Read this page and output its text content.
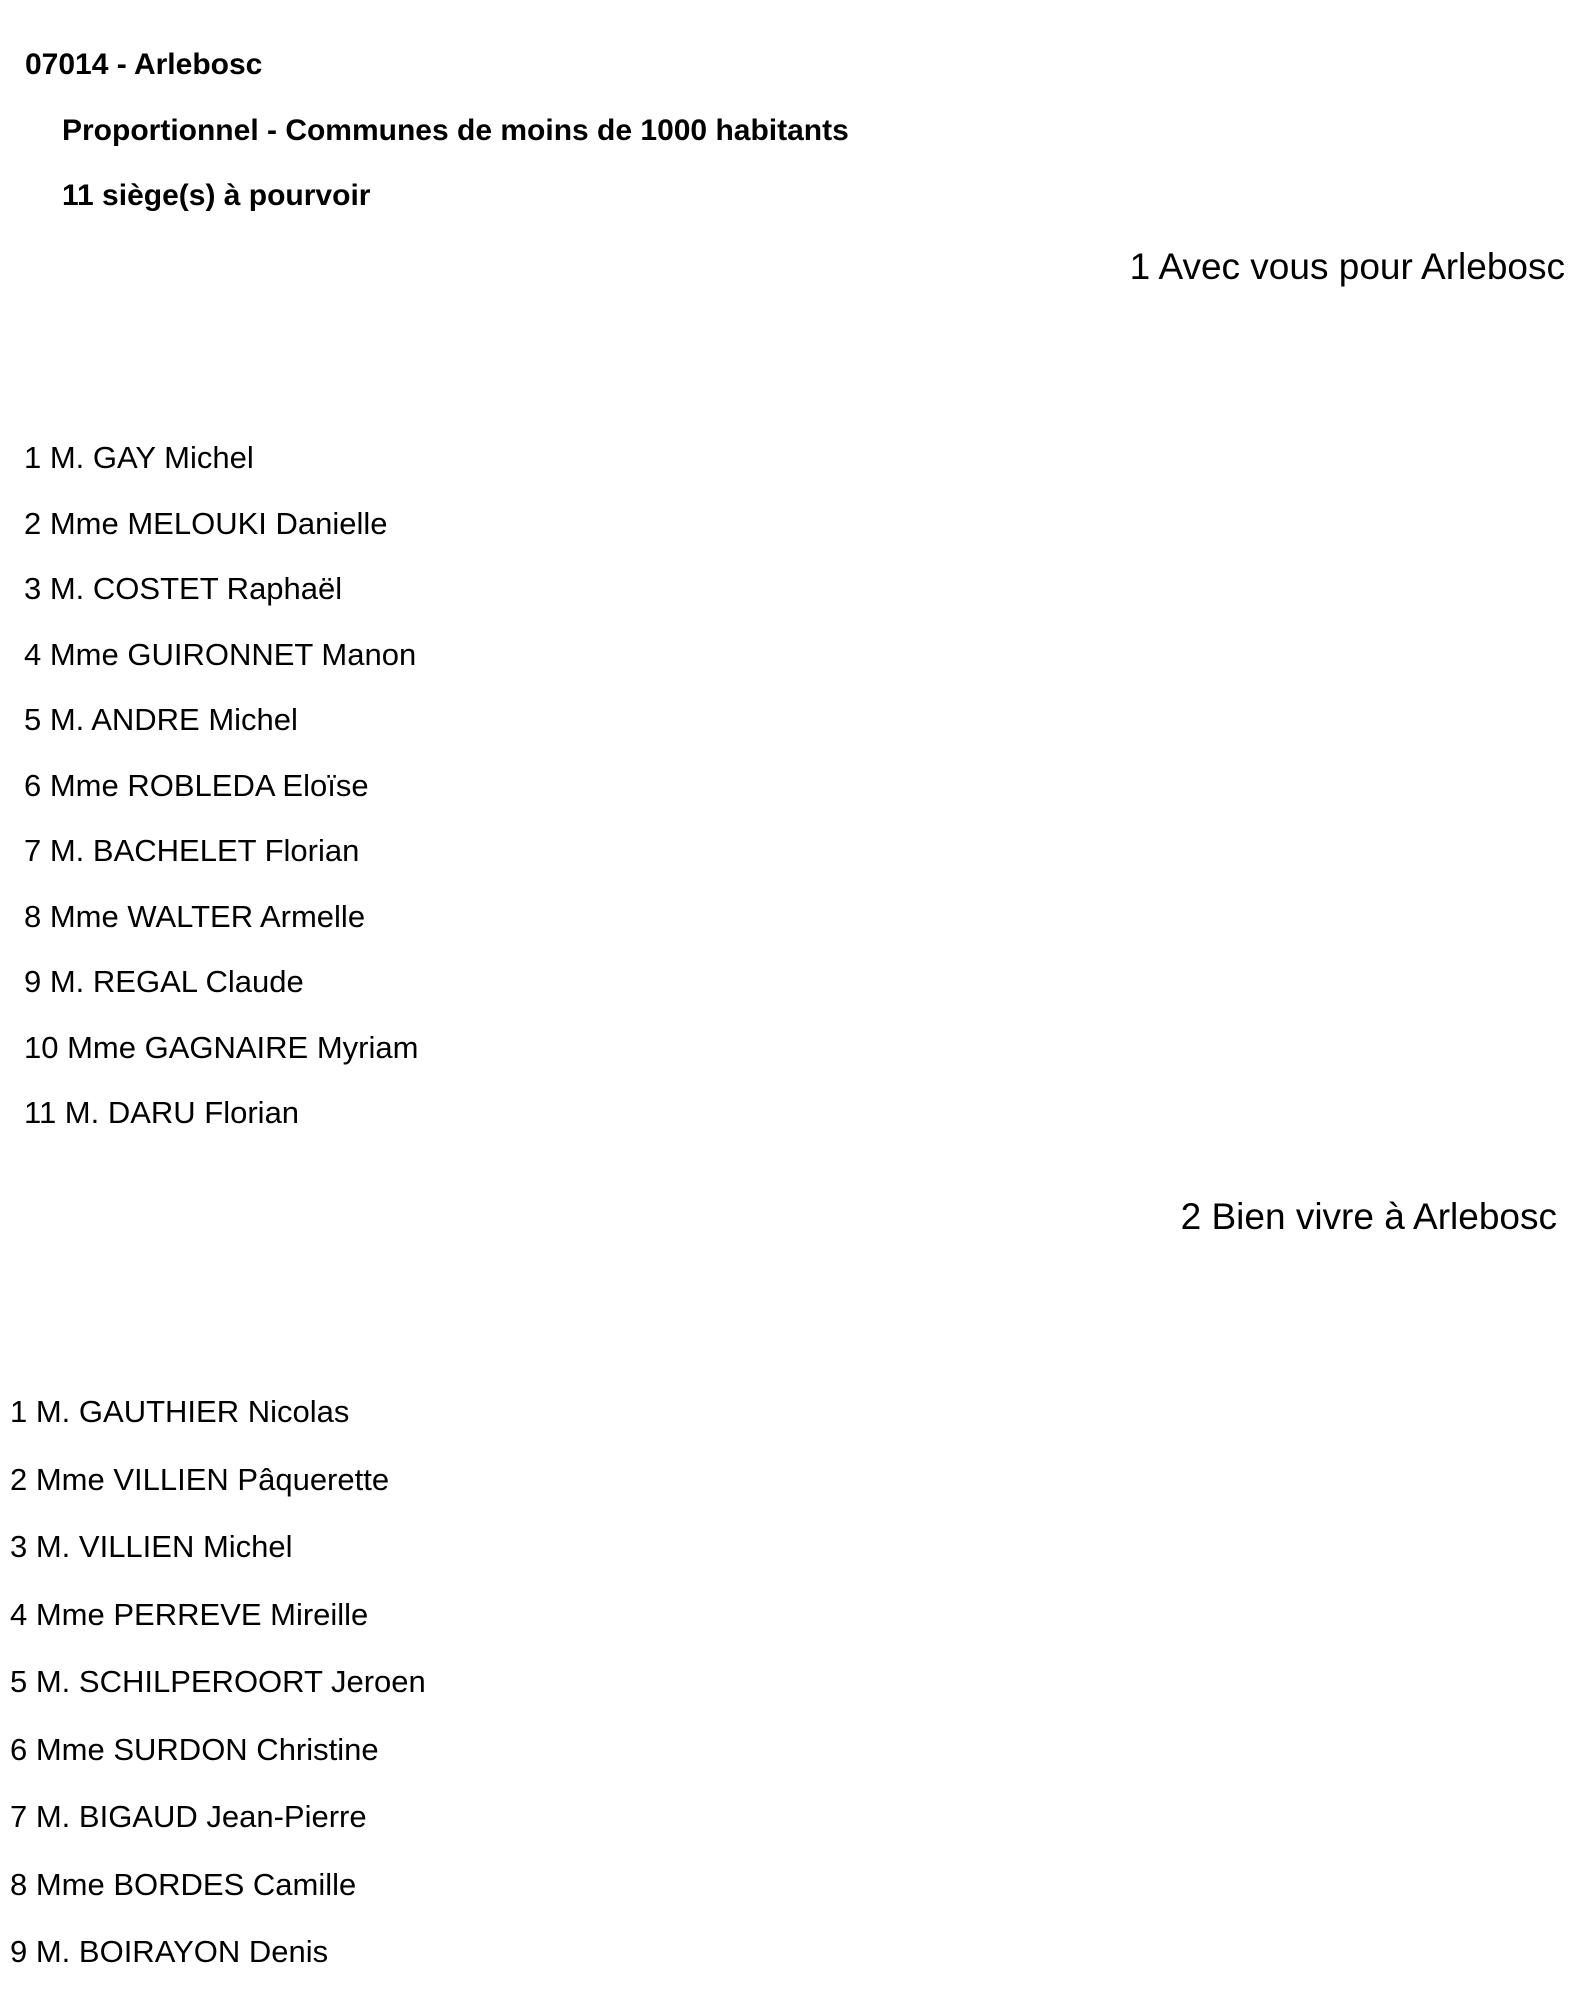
07014 - Arlebosc
Proportionnel - Communes de moins de 1000 habitants
11 siège(s) à pourvoir
1 Avec vous pour Arlebosc
1 M. GAY Michel
2 Mme MELOUKI Danielle
3 M. COSTET Raphaël
4 Mme GUIRONNET Manon
5 M. ANDRE Michel
6 Mme ROBLEDA Eloïse
7 M. BACHELET Florian
8 Mme WALTER Armelle
9 M. REGAL Claude
10 Mme GAGNAIRE Myriam
11 M. DARU Florian
2 Bien vivre à Arlebosc
1 M. GAUTHIER Nicolas
2 Mme VILLIEN Pâquerette
3 M. VILLIEN Michel
4 Mme PERREVE Mireille
5 M. SCHILPEROORT Jeroen
6 Mme SURDON Christine
7 M. BIGAUD Jean-Pierre
8 Mme BORDES Camille
9 M. BOIRAYON Denis
